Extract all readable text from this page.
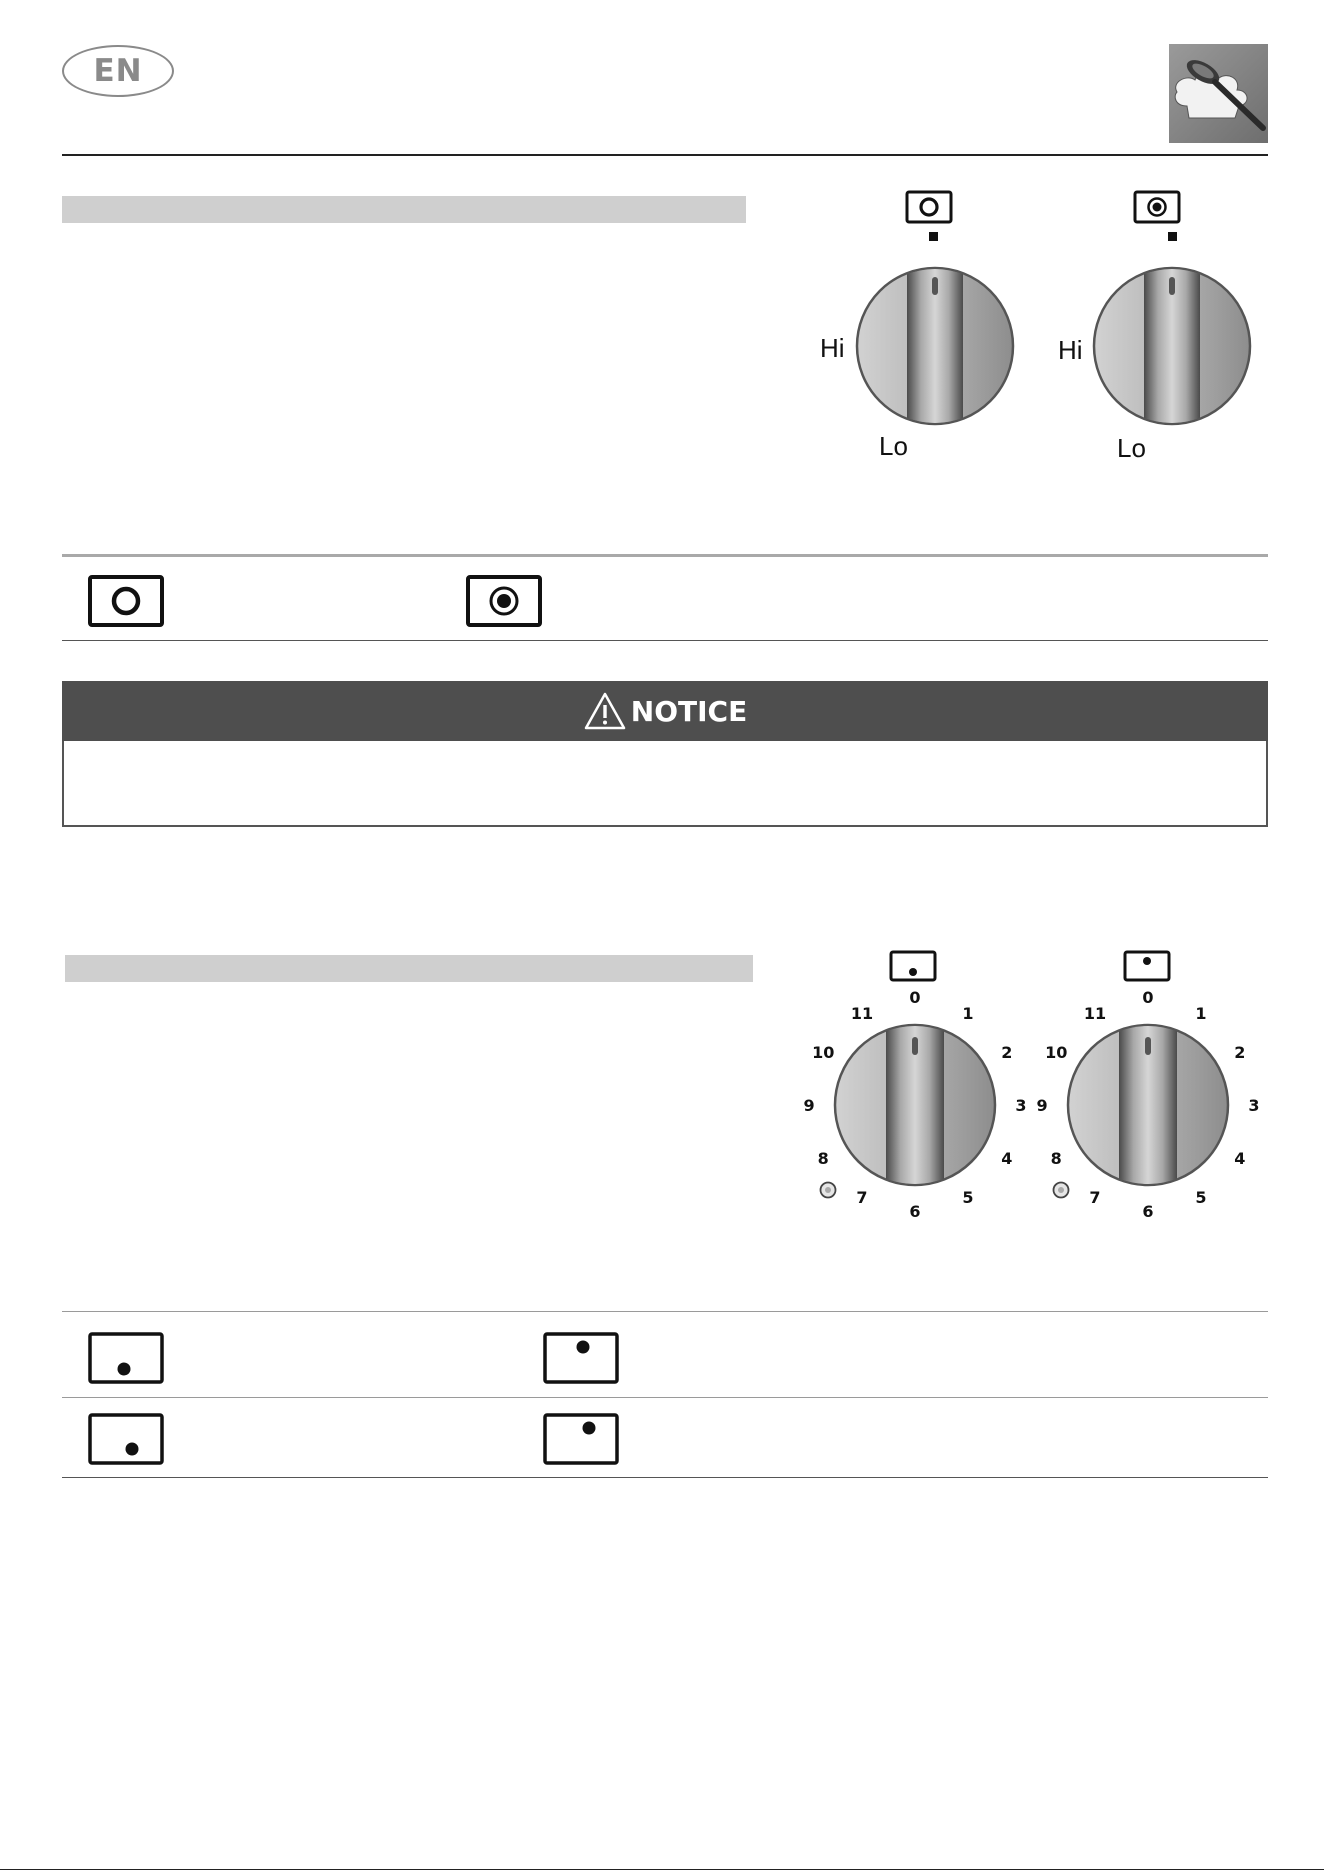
EN
Hi
Lo
Hi
Lo
NOTICE
0
1
2
3
4
5
6
7
8
9
10
11
0
1
2
3
4
5
6
7
8
9
10
11
